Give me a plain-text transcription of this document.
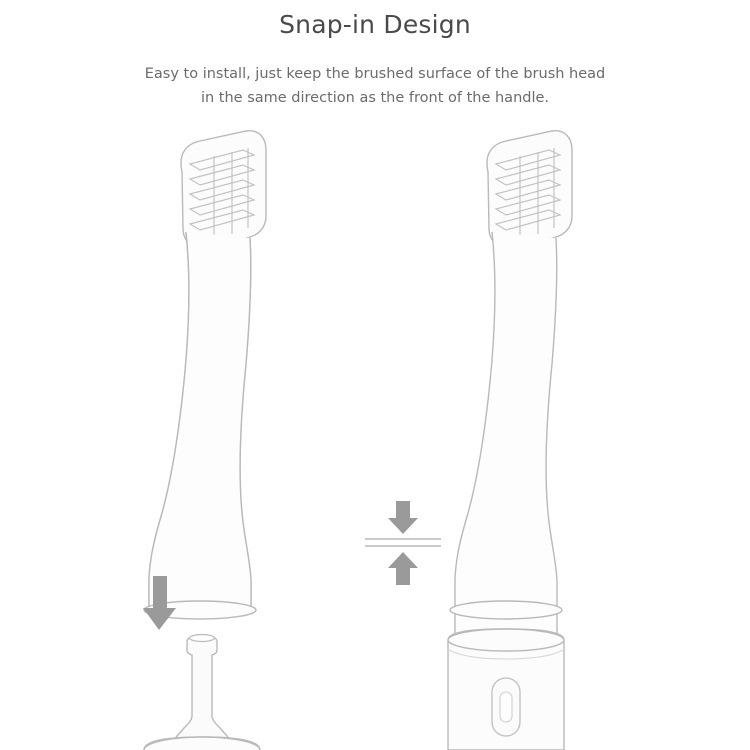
Snap-in Design
Easy to install, just keep the brushed surface of the brush head
in the same direction as the front of the handle.
